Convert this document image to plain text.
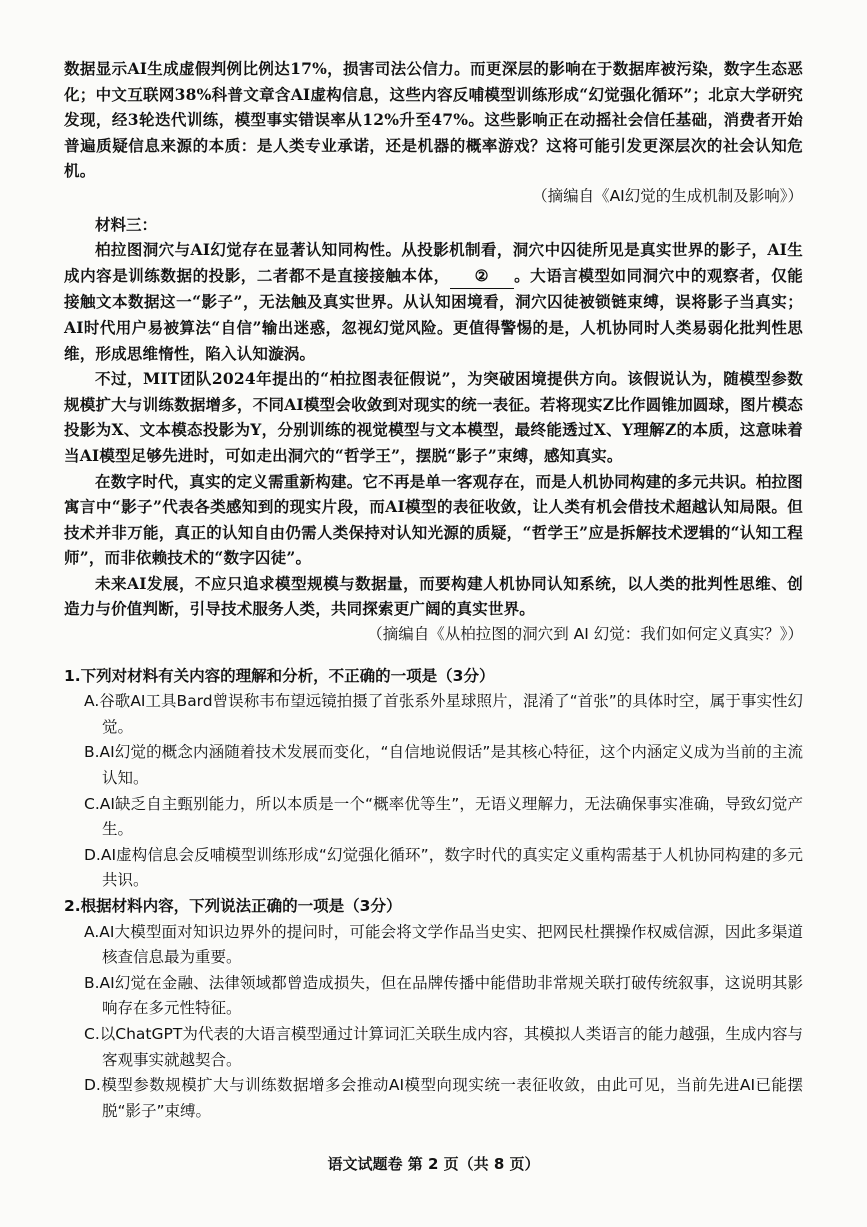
数据显示AI生成虚假判例比例达17%，损害司法公信力。而更深层的影响在于数据库被污染，数字生态恶化；中文互联网38%科普文章含AI虚构信息，这些内容反哺模型训练形成“幻觉强化循环”；北京大学研究发现，经3轮迭代训练，模型事实错误率从12%升至47%。这些影响正在动摇社会信任基础，消费者开始普遍质疑信息来源的本质：是人类专业承诺，还是机器的概率游戏？这将可能引发更深层次的社会认知危机。

（摘编自《AI幻觉的生成机制及影响》）

材料三：

柏拉图洞穴与AI幻觉存在显著认知同构性。从投影机制看，洞穴中囚徒所见是真实世界的影子，AI生成内容是训练数据的投影，二者都不是直接接触本体， ② 。大语言模型如同洞穴中的观察者，仅能接触文本数据这一“影子”，无法触及真实世界。从认知困境看，洞穴囚徒被锁链束缚，误将影子当真实；AI时代用户易被算法“自信”输出迷惑，忽视幻觉风险。更值得警惕的是，人机协同时人类易弱化批判性思维，形成思维惰性，陷入认知漩涡。

不过，MIT团队2024年提出的“柏拉图表征假说”，为突破困境提供方向。该假说认为，随模型参数规模扩大与训练数据增多，不同AI模型会收敛到对现实的统一表征。若将现实Z比作圆锥加圆球，图片模态投影为X、文本模态投影为Y，分别训练的视觉模型与文本模型，最终能透过X、Y理解Z的本质，这意味着当AI模型足够先进时，可如走出洞穴的“哲学王”，摆脱“影子”束缚，感知真实。

在数字时代，真实的定义需重新构建。它不再是单一客观存在，而是人机协同构建的多元共识。柏拉图寓言中“影子”代表各类感知到的现实片段，而AI模型的表征收敛，让人类有机会借技术超越认知局限。但技术并非万能，真正的认知自由仍需人类保持对认知光源的质疑，“哲学王”应是拆解技术逻辑的“认知工程师”，而非依赖技术的“数字囚徒”。

未来AI发展，不应只追求模型规模与数据量，而要构建人机协同认知系统，以人类的批判性思维、创造力与价值判断，引导技术服务人类，共同探索更广阔的真实世界。

（摘编自《从柏拉图的洞穴到 AI 幻觉：我们如何定义真实？》）

1.下列对材料有关内容的理解和分析，不正确的一项是（3分）

A.谷歌AI工具Bard曾误称韦布望远镜拍摄了首张系外星球照片，混淆了“首张”的具体时空，属于事实性幻觉。

B.AI幻觉的概念内涵随着技术发展而变化，“自信地说假话”是其核心特征，这个内涵定义成为当前的主流认知。

C.AI缺乏自主甄别能力，所以本质是一个“概率优等生”，无语义理解力，无法确保事实准确，导致幻觉产生。

D.AI虚构信息会反哺模型训练形成“幻觉强化循环”，数字时代的真实定义重构需基于人机协同构建的多元共识。

2.根据材料内容，下列说法正确的一项是（3分）

A.AI大模型面对知识边界外的提问时，可能会将文学作品当史实、把网民杜撰操作权威信源，因此多渠道核查信息最为重要。

B.AI幻觉在金融、法律领域都曾造成损失，但在品牌传播中能借助非常规关联打破传统叙事，这说明其影响存在多元性特征。

C.以ChatGPT为代表的大语言模型通过计算词汇关联生成内容，其模拟人类语言的能力越强，生成内容与客观事实就越契合。

D.模型参数规模扩大与训练数据增多会推动AI模型向现实统一表征收敛，由此可见，当前先进AI已能摆脱“影子”束缚。

语文试题卷 第 2 页（共 8 页）
